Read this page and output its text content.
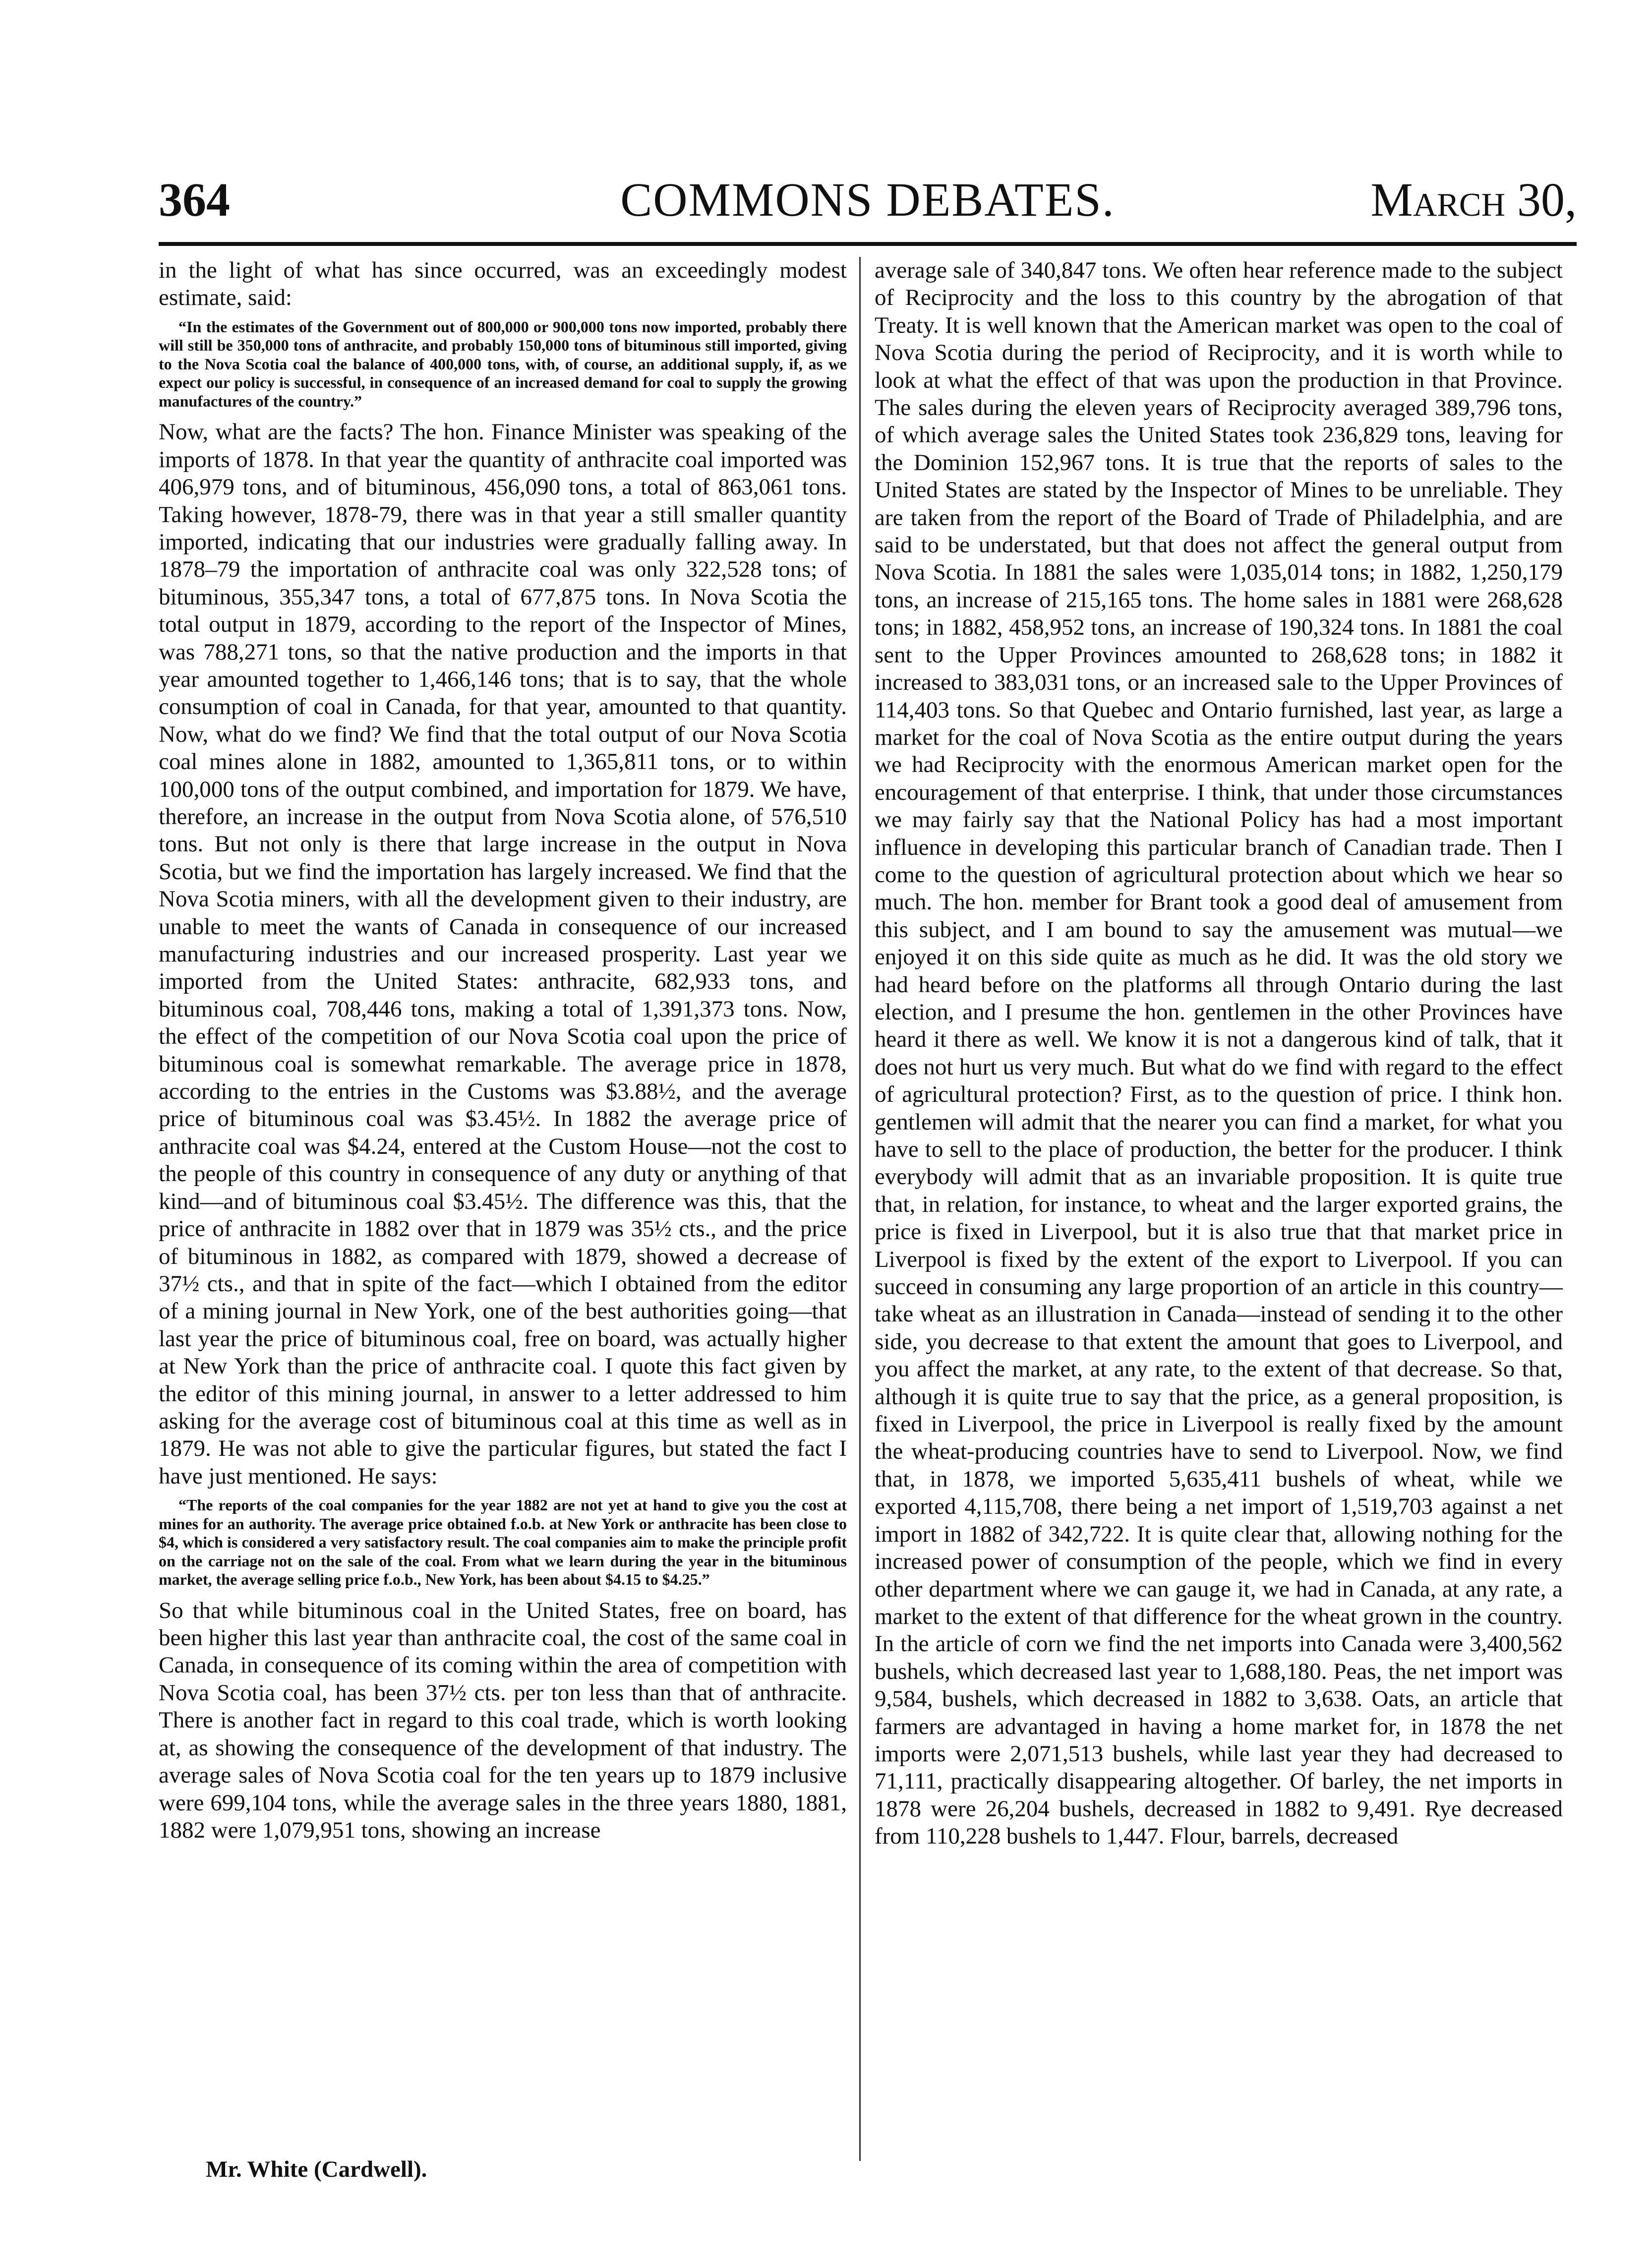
364	COMMONS DEBATES.	March 30,

in the light of what has since occurred, was an exceedingly modest estimate, said:

“In the estimates of the Government out of 800,000 or 900,000 tons now imported, probably there will still be 350,000 tons of anthracite, and probably 150,000 tons of bituminous still imported, giving to the Nova Scotia coal the balance of 400,000 tons, with, of course, an additional supply, if, as we expect our policy is successful, in consequence of an increased demand for coal to supply the growing manufactures of the country.”

Now, what are the facts? The hon. Finance Minister was speaking of the imports of 1878. In that year the quantity of anthracite coal imported was 406,979 tons, and of bituminous, 456,090 tons, a total of 863,061 tons. Taking however, 1878-79, there was in that year a still smaller quantity imported, indicating that our industries were gradually falling away. In 1878–79 the importation of anthracite coal was only 322,528 tons; of bituminous, 355,347 tons, a total of 677,875 tons. In Nova Scotia the total output in 1879, according to the report of the Inspector of Mines, was 788,271 tons, so that the native production and the imports in that year amounted together to 1,466,146 tons; that is to say, that the whole consumption of coal in Canada, for that year, amounted to that quantity. Now, what do we find? We find that the total output of our Nova Scotia coal mines alone in 1882, amounted to 1,365,811 tons, or to within 100,000 tons of the output combined, and importation for 1879. We have, therefore, an increase in the output from Nova Scotia alone, of 576,510 tons. But not only is there that large increase in the output in Nova Scotia, but we find the importation has largely increased. We find that the Nova Scotia miners, with all the development given to their industry, are unable to meet the wants of Canada in consequence of our increased manufacturing industries and our increased prosperity. Last year we imported from the United States: anthracite, 682,933 tons, and bituminous coal, 708,446 tons, making a total of 1,391,373 tons. Now, the effect of the competition of our Nova Scotia coal upon the price of bituminous coal is somewhat remarkable. The average price in 1878, according to the entries in the Customs was $3.88½, and the average price of bituminous coal was $3.45½. In 1882 the average price of anthracite coal was $4.24, entered at the Custom House—not the cost to the people of this country in consequence of any duty or anything of that kind—and of bituminous coal $3.45½. The difference was this, that the price of anthracite in 1882 over that in 1879 was 35½ cts., and the price of bituminous in 1882, as compared with 1879, showed a decrease of 37½ cts., and that in spite of the fact—which I obtained from the editor of a mining journal in New York, one of the best authorities going—that last year the price of bituminous coal, free on board, was actually higher at New York than the price of anthracite coal. I quote this fact given by the editor of this mining journal, in answer to a letter addressed to him asking for the average cost of bituminous coal at this time as well as in 1879. He was not able to give the particular figures, but stated the fact I have just mentioned. He says:

“The reports of the coal companies for the year 1882 are not yet at hand to give you the cost at mines for an authority. The average price obtained f.o.b. at New York or anthracite has been close to $4, which is considered a very satisfactory result. The coal companies aim to make the principle profit on the carriage not on the sale of the coal. From what we learn during the year in the bituminous market, the average selling price f.o.b., New York, has been about $4.15 to $4.25.”

So that while bituminous coal in the United States, free on board, has been higher this last year than anthracite coal, the cost of the same coal in Canada, in consequence of its coming within the area of competition with Nova Scotia coal, has been 37½ cts. per ton less than that of anthracite. There is another fact in regard to this coal trade, which is worth looking at, as showing the consequence of the development of that industry. The average sales of Nova Scotia coal for the ten years up to 1879 inclusive were 699,104 tons, while the average sales in the three years 1880, 1881, 1882 were 1,079,951 tons, showing an increase

average sale of 340,847 tons. We often hear reference made to the subject of Reciprocity and the loss to this country by the abrogation of that Treaty. It is well known that the American market was open to the coal of Nova Scotia during the period of Reciprocity, and it is worth while to look at what the effect of that was upon the production in that Province. The sales during the eleven years of Reciprocity averaged 389,796 tons, of which average sales the United States took 236,829 tons, leaving for the Dominion 152,967 tons. It is true that the reports of sales to the United States are stated by the Inspector of Mines to be unreliable. They are taken from the report of the Board of Trade of Philadelphia, and are said to be understated, but that does not affect the general output from Nova Scotia. In 1881 the sales were 1,035,014 tons; in 1882, 1,250,179 tons, an increase of 215,165 tons. The home sales in 1881 were 268,628 tons; in 1882, 458,952 tons, an increase of 190,324 tons. In 1881 the coal sent to the Upper Provinces amounted to 268,628 tons; in 1882 it increased to 383,031 tons, or an increased sale to the Upper Provinces of 114,403 tons. So that Quebec and Ontario furnished, last year, as large a market for the coal of Nova Scotia as the entire output during the years we had Reciprocity with the enormous American market open for the encouragement of that enterprise. I think, that under those circumstances we may fairly say that the National Policy has had a most important influence in developing this particular branch of Canadian trade. Then I come to the question of agricultural protection about which we hear so much. The hon. member for Brant took a good deal of amusement from this subject, and I am bound to say the amusement was mutual—we enjoyed it on this side quite as much as he did. It was the old story we had heard before on the platforms all through Ontario during the last election, and I presume the hon. gentlemen in the other Provinces have heard it there as well. We know it is not a dangerous kind of talk, that it does not hurt us very much. But what do we find with regard to the effect of agricultural protection? First, as to the question of price. I think hon. gentlemen will admit that the nearer you can find a market, for what you have to sell to the place of production, the better for the producer. I think everybody will admit that as an invariable proposition. It is quite true that, in relation, for instance, to wheat and the larger exported grains, the price is fixed in Liverpool, but it is also true that that market price in Liverpool is fixed by the extent of the export to Liverpool. If you can succeed in consuming any large proportion of an article in this country—take wheat as an illustration in Canada—instead of sending it to the other side, you decrease to that extent the amount that goes to Liverpool, and you affect the market, at any rate, to the extent of that decrease. So that, although it is quite true to say that the price, as a general proposition, is fixed in Liverpool, the price in Liverpool is really fixed by the amount the wheat-producing countries have to send to Liverpool. Now, we find that, in 1878, we imported 5,635,411 bushels of wheat, while we exported 4,115,708, there being a net import of 1,519,703 against a net import in 1882 of 342,722. It is quite clear that, allowing nothing for the increased power of consumption of the people, which we find in every other department where we can gauge it, we had in Canada, at any rate, a market to the extent of that difference for the wheat grown in the country. In the article of corn we find the net imports into Canada were 3,400,562 bushels, which decreased last year to 1,688,180. Peas, the net import was 9,584, bushels, which decreased in 1882 to 3,638. Oats, an article that farmers are advantaged in having a home market for, in 1878 the net imports were 2,071,513 bushels, while last year they had decreased to 71,111, practically disappearing altogether. Of barley, the net imports in 1878 were 26,204 bushels, decreased in 1882 to 9,491. Rye decreased from 110,228 bushels to 1,447. Flour, barrels, decreased

Mr. White (Cardwell).
